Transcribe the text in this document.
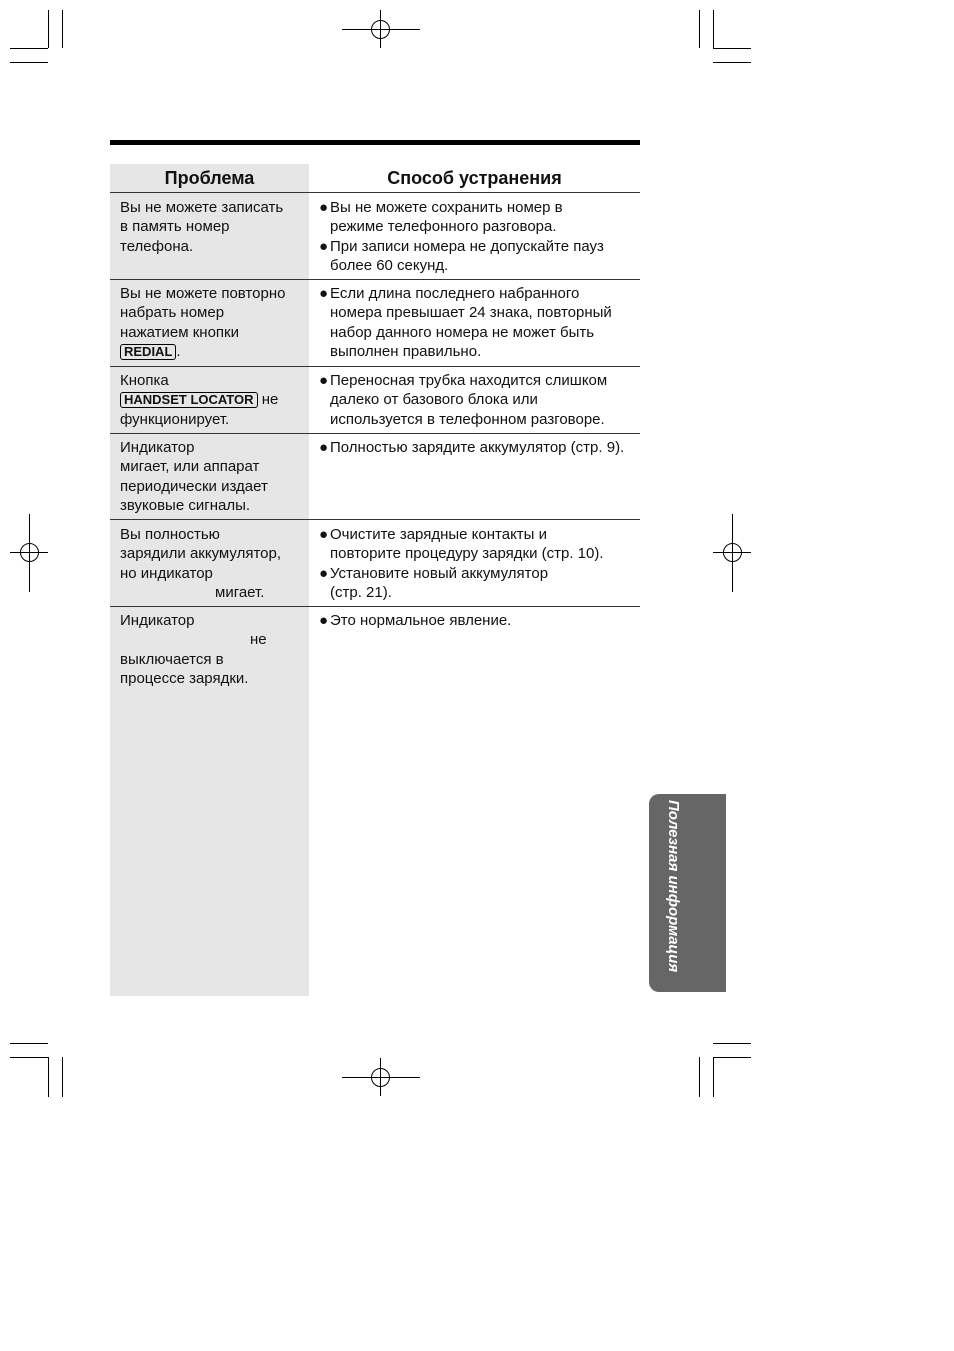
Проблема	Способ устранения
Вы не можете записать
в память номер
телефона.
● Вы не можете сохранить номер в
режиме телефонного разговора.
● При записи номера не допускайте пауз
более 60 секунд.
Вы не можете повторно
набрать номер
нажатием кнопки
REDIAL .
● Если длина последнего набранного
номера превышает 24 знака, повторный
набор данного номера не может быть
выполнен правильно.
Кнопка
HANDSET LOCATOR не
функционирует.
● Переносная трубка находится слишком
далеко от базового блока или
используется в телефонном разговоре.
Индикатор
мигает, или аппарат
периодически издает
звуковые сигналы.
● Полностью зарядите аккумулятор (стр. 9).
Вы полностью
зарядили аккумулятор,
но индикатор
мигает.
● Очистите зарядные контакты и
повторите процедуру зарядки (стр. 10).
● Установите новый аккумулятор
(стр. 21).
Индикатор
не
выключается в
процессе зарядки.
● Это нормальное явление.
Полезная информация
